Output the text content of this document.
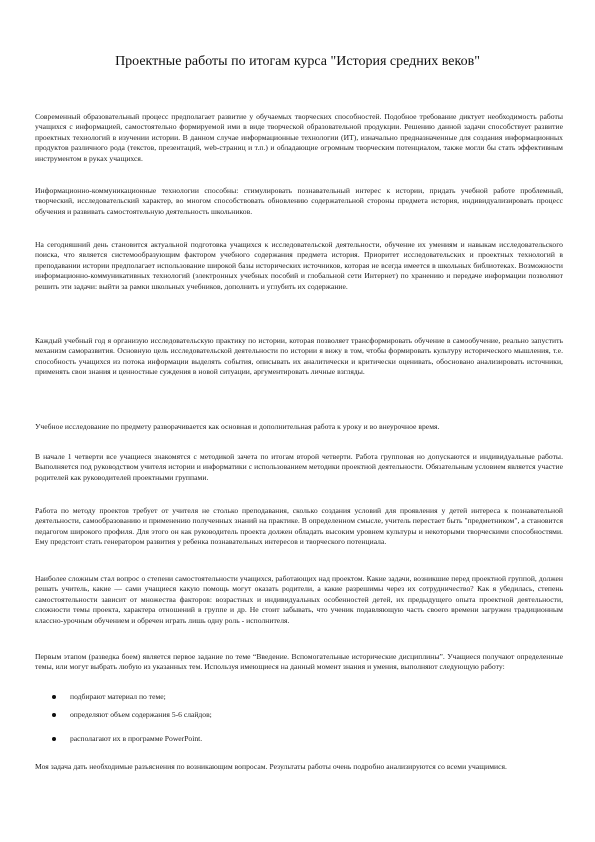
Проектные работы по итогам курса "История средних веков"

Современный образовательный процесс предполагает развитие у обучаемых творческих способностей. Подобное требование диктует необходимость работы учащихся с информацией, самостоятельно формируемой ими в виде творческой образовательной продукции. Решению данной задачи способствует развитие проектных технологий в изучении истории. В данном случае информационные технологии (ИТ), изначально предназначенные для создания информационных продуктов различного рода (текстов, презентаций, web-страниц и т.п.) и обладающие огромным творческим потенциалом, также могли бы стать эффективным инструментом в руках учащихся.

Информационно-коммуникационные технологии способны: стимулировать познавательный интерес к истории, придать учебной работе проблемный, творческий, исследовательский характер, во многом способствовать обновлению содержательной стороны предмета история, индивидуализировать процесс обучения и развивать самостоятельную деятельность школьников.

На сегодняшний день становится актуальной подготовка учащихся к исследовательской деятельности, обучение их умениям и навыкам исследовательского поиска, что является системообразующим фактором учебного содержания предмета история. Приоритет исследовательских и проектных технологий в преподавании истории предполагает использование широкой базы исторических источников, которая не всегда имеется в школьных библиотеках. Возможности информационно-коммуникативных технологий (электронных учебных пособий и глобальной сети Интернет) по хранению и передаче информации позволяют решить эти задачи: выйти за рамки школьных учебников, дополнить и углубить их содержание.

Каждый учебный год я организую исследовательскую практику по истории, которая позволяет трансформировать обучение в самообучение, реально запустить механизм саморазвития. Основную цель исследовательской деятельности по истории я вижу в том, чтобы формировать культуру исторического мышления, т.е. способность учащихся из потока информации выделять события, описывать их аналитически и критически оценивать, обосновано анализировать источники, применять свои знания и ценностные суждения в новой ситуации, аргументировать личные взгляды.

Учебное исследование по предмету разворачивается как основная и дополнительная работа к уроку и во внеурочное время.

В начале 1 четверти все учащиеся знакомятся с методикой зачета по итогам второй четверти. Работа групповая но допускаются и индивидуальные работы. Выполняется под руководством учителя истории и информатики с использованием методики проектной деятельности. Обязательным условием является участие родителей как руководителей проектными группами.

Работа по методу проектов требует от учителя не столько преподавания, сколько создания условий для проявления у детей интереса к познавательной деятельности, самообразованию и применению полученных знаний на практике. В определенном смысле, учитель перестает быть "предметником", а становится педагогом широкого профиля. Для этого он как руководитель проекта должен обладать высоким уровнем культуры и некоторыми творческими способностями. Ему предстоит стать генератором развития у ребенка познавательных интересов и творческого потенциала.

Наиболее сложным стал вопрос о степени самостоятельности учащихся, работающих над проектом. Какие задачи, возникшие перед проектной группой, должен решать учитель, какие — сами учащиеся какую помощь могут оказать родители, а какие разрешимы через их сотрудничество? Как я убедилась, степень самостоятельности зависит от множества факторов: возрастных и индивидуальных особенностей детей, их предыдущего опыта проектной деятельности, сложности темы проекта, характера отношений в группе и др. Не стоит забывать, что ученик подавляющую часть своего времени загружен традиционным классно-урочным обучением и обречен играть лишь одну роль - исполнителя.

Первым этапом (разведка боем) является первое задание по теме “Введение. Вспомогательные исторические дисциплины”. Учащиеся получают определенные темы, или могут выбрать любую из указанных тем. Используя имеющиеся на данный момент знания и умения, выполняют следующую работу:

подбирают материал по теме;
определяют объем содержания 5-6 слайдов;
располагают их в программе PowerPoint.

Моя задача дать необходимые разъяснения по возникающим вопросам. Результаты работы очень подробно анализируются со всеми учащимися.
